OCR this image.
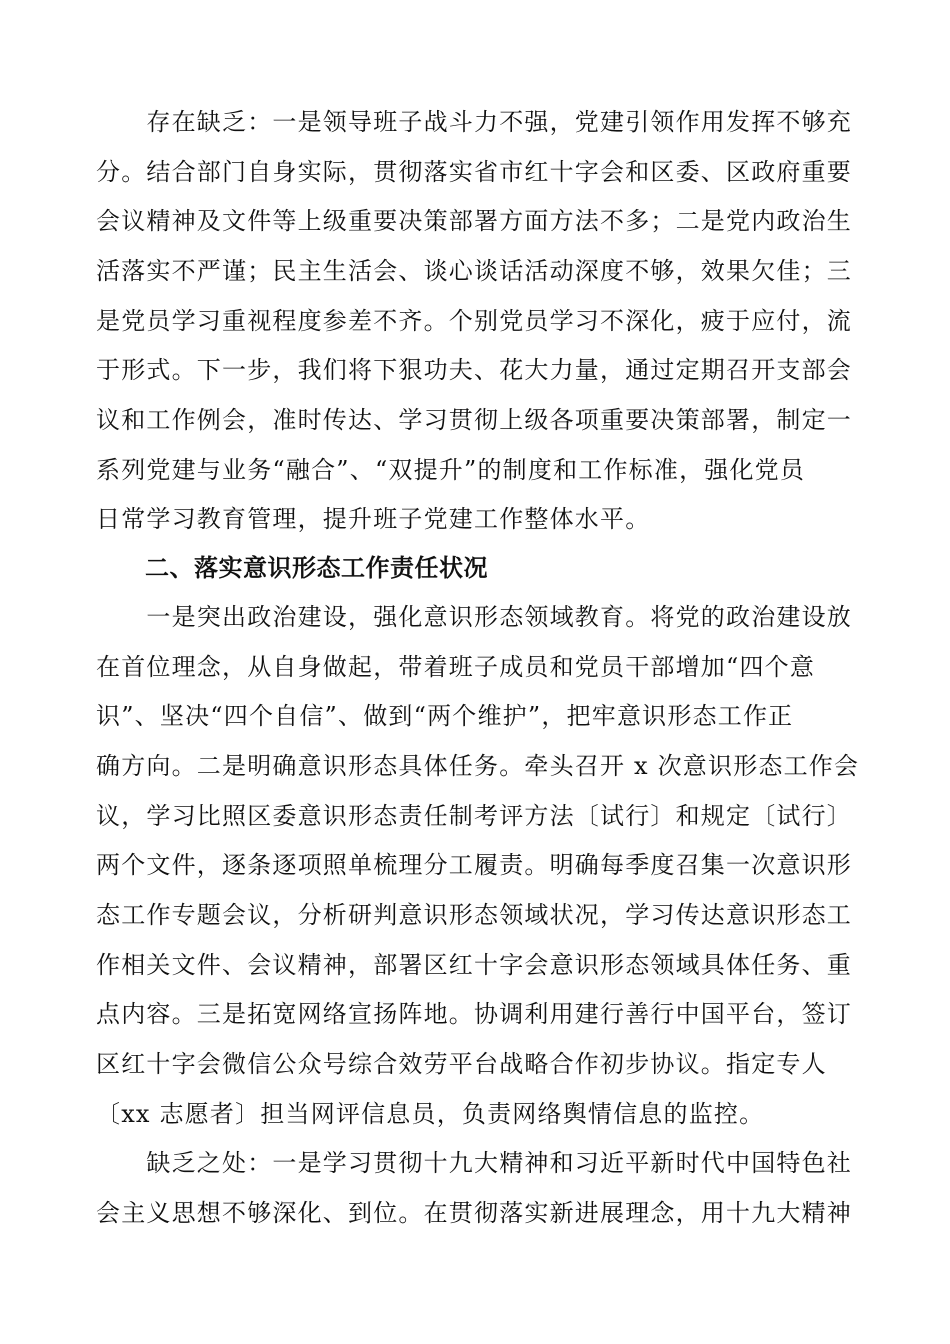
　　存在缺乏：一是领导班子战斗力不强，党建引领作用发挥不够充
分。结合部门自身实际，贯彻落实省市红十字会和区委、区政府重要
会议精神及文件等上级重要决策部署方面方法不多；二是党内政治生
活落实不严谨；民主生活会、谈心谈话活动深度不够，效果欠佳；三
是党员学习重视程度参差不齐。个别党员学习不深化，疲于应付，流
于形式。下一步，我们将下狠功夫、花大力量，通过定期召开支部会
议和工作例会，准时传达、学习贯彻上级各项重要决策部署，制定一
系列党建与业务“融合”、“双提升”的制度和工作标准，强化党员
日常学习教育管理，提升班子党建工作整体水平。
　　二、落实意识形态工作责任状况
　　一是突出政治建设，强化意识形态领域教育。将党的政治建设放
在首位理念，从自身做起，带着班子成员和党员干部增加“四个意
识”、坚决“四个自信”、做到“两个维护”，把牢意识形态工作正
确方向。二是明确意识形态具体任务。牵头召开 x 次意识形态工作会
议，学习比照区委意识形态责任制考评方法〔试行〕和规定〔试行〕
两个文件，逐条逐项照单梳理分工履责。明确每季度召集一次意识形
态工作专题会议，分析研判意识形态领域状况，学习传达意识形态工
作相关文件、会议精神，部署区红十字会意识形态领域具体任务、重
点内容。三是拓宽网络宣扬阵地。协调利用建行善行中国平台，签订
区红十字会微信公众号综合效劳平台战略合作初步协议。指定专人
〔xx 志愿者〕担当网评信息员，负责网络舆情信息的监控。
　　缺乏之处：一是学习贯彻十九大精神和习近平新时代中国特色社
会主义思想不够深化、到位。在贯彻落实新进展理念，用十九大精神
